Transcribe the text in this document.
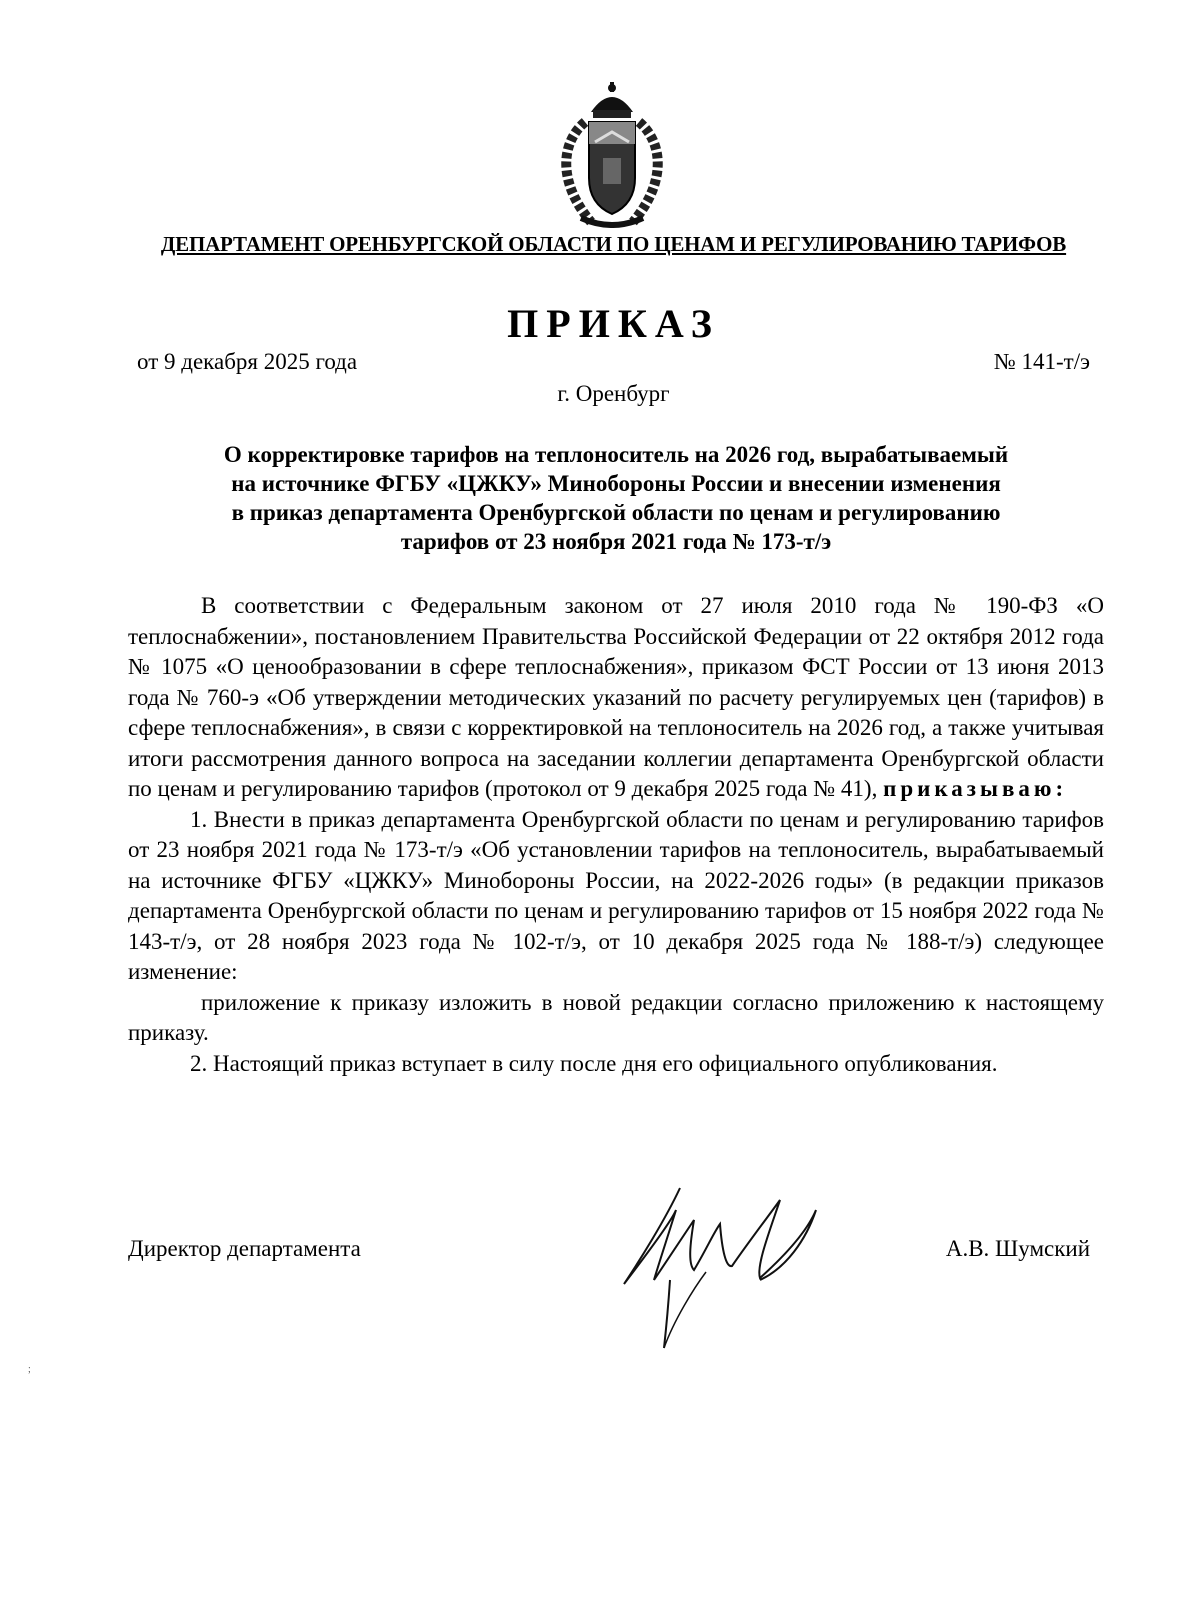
ДЕПАРТАМЕНТ ОРЕНБУРГСКОЙ ОБЛАСТИ ПО ЦЕНАМ И РЕГУЛИРОВАНИЮ ТАРИФОВ
ПРИКАЗ
от 9 декабря 2025 года	№ 141-т/э
г. Оренбург
О корректировке тарифов на теплоноситель на 2026 год, вырабатываемый
на источнике ФГБУ «ЦЖКУ» Минобороны России и внесении изменения
в приказ департамента Оренбургской области по ценам и регулированию
тарифов от 23 ноября 2021 года № 173-т/э

В соответствии с Федеральным законом от 27 июля 2010 года № 190-ФЗ «О теплоснабжении», постановлением Правительства Российской Федерации от 22 октября 2012 года № 1075 «О ценообразовании в сфере теплоснабжения», приказом ФСТ России от 13 июня 2013 года № 760-э «Об утверждении методических указаний по расчету регулируемых цен (тарифов) в сфере теплоснабжения», в связи с корректировкой на теплоноситель на 2026 год, а также учитывая итоги рассмотрения данного вопроса на заседании коллегии департамента Оренбургской области по ценам и регулированию тарифов (протокол от 9 декабря 2025 года № 41), приказываю:

1. Внести в приказ департамента Оренбургской области по ценам и регулированию тарифов от 23 ноября 2021 года № 173-т/э «Об установлении тарифов на теплоноситель, вырабатываемый на источнике ФГБУ «ЦЖКУ» Минобороны России, на 2022-2026 годы» (в редакции приказов департамента Оренбургской области по ценам и регулированию тарифов от 15 ноября 2022 года № 143-т/э, от 28 ноября 2023 года № 102-т/э, от 10 декабря 2025 года № 188-т/э) следующее изменение:

приложение к приказу изложить в новой редакции согласно приложению к настоящему приказу.

2. Настоящий приказ вступает в силу после дня его официального опубликования.

Директор департамента	А.В. Шумский
;
